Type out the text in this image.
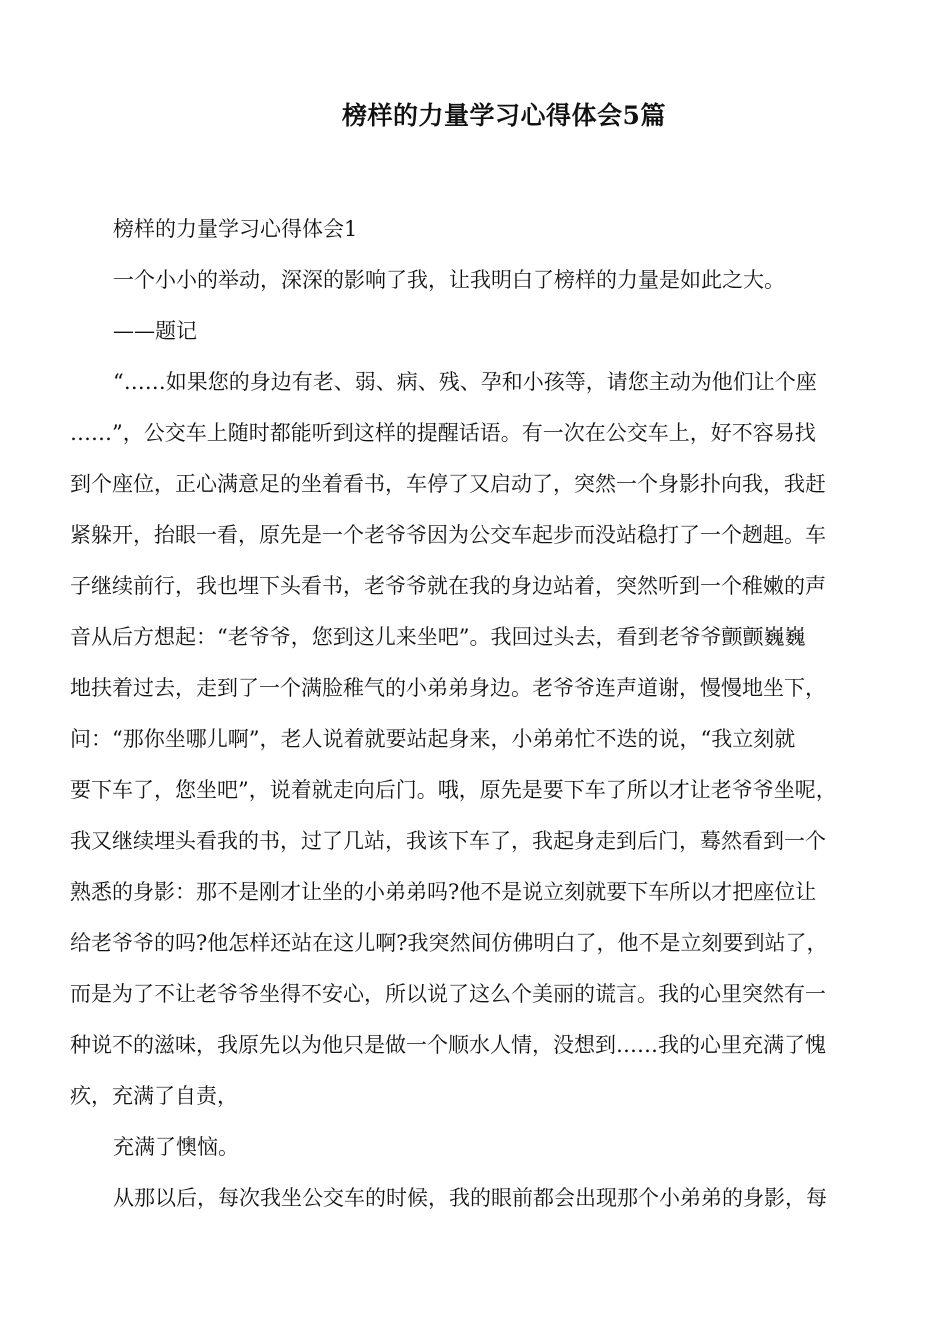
榜样的力量学习心得体会5篇

榜样的力量学习心得体会1

一个小小的举动，深深的影响了我，让我明白了榜样的力量是如此之大。

——题记

“……如果您的身边有老、弱、病、残、孕和小孩等，请您主动为他们让个座

……”，公交车上随时都能听到这样的提醒话语。有一次在公交车上，好不容易找

到个座位，正心满意足的坐着看书，车停了又启动了，突然一个身影扑向我，我赶

紧躲开，抬眼一看，原先是一个老爷爷因为公交车起步而没站稳打了一个趔趄。车

子继续前行，我也埋下头看书，老爷爷就在我的身边站着，突然听到一个稚嫩的声

音从后方想起：“老爷爷，您到这儿来坐吧”。我回过头去，看到老爷爷颤颤巍巍

地扶着过去，走到了一个满脸稚气的小弟弟身边。老爷爷连声道谢，慢慢地坐下，

问：“那你坐哪儿啊”，老人说着就要站起身来，小弟弟忙不迭的说，“我立刻就

要下车了，您坐吧”，说着就走向后门。哦，原先是要下车了所以才让老爷爷坐呢，

我又继续埋头看我的书，过了几站，我该下车了，我起身走到后门，蓦然看到一个

熟悉的身影：那不是刚才让坐的小弟弟吗?他不是说立刻就要下车所以才把座位让

给老爷爷的吗?他怎样还站在这儿啊?我突然间仿佛明白了，他不是立刻要到站了，

而是为了不让老爷爷坐得不安心，所以说了这么个美丽的谎言。我的心里突然有一

种说不的滋味，我原先以为他只是做一个顺水人情，没想到……我的心里充满了愧

疚，充满了自责，

充满了懊恼。

从那以后，每次我坐公交车的时候，我的眼前都会出现那个小弟弟的身影，每
